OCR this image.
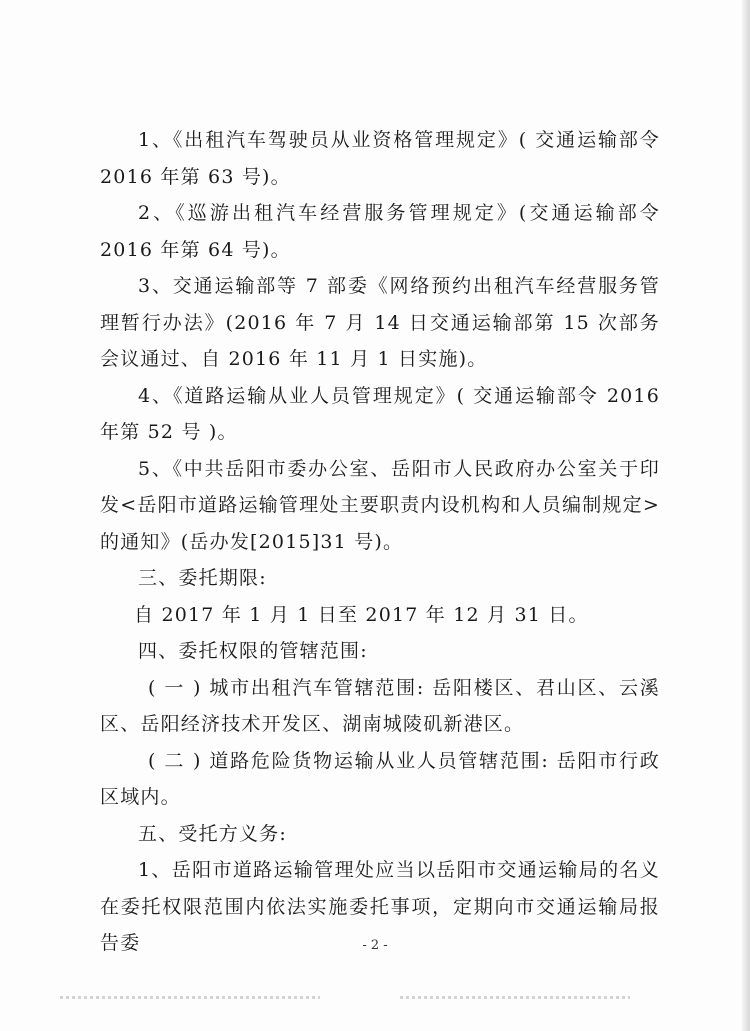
1、《出租汽车驾驶员从业资格管理规定》( 交通运输部令 2016 年第 63 号)。

2、《巡游出租汽车经营服务管理规定》(交通运输部令 2016 年第 64 号)。

3、交通运输部等 7 部委《网络预约出租汽车经营服务管理暂行办法》(2016 年 7 月 14 日交通运输部第 15 次部务会议通过、自 2016 年 11 月 1 日实施)。

4、《道路运输从业人员管理规定》( 交通运输部令 2016 年第 52 号 )。

5、《中共岳阳市委办公室、岳阳市人民政府办公室关于印发<岳阳市道路运输管理处主要职责内设机构和人员编制规定>的通知》(岳办发[2015]31 号)。

三、委托期限:

自 2017 年 1 月 1 日至 2017 年 12 月 31 日。

四、委托权限的管辖范围:

( 一 ) 城市出租汽车管辖范围: 岳阳楼区、君山区、云溪区、岳阳经济技术开发区、湖南城陵矶新港区。

( 二 ) 道路危险货物运输从业人员管辖范围: 岳阳市行政区域内。

五、受托方义务:

1、岳阳市道路运输管理处应当以岳阳市交通运输局的名义在委托权限范围内依法实施委托事项，定期向市交通运输局报告委	- 2 -
